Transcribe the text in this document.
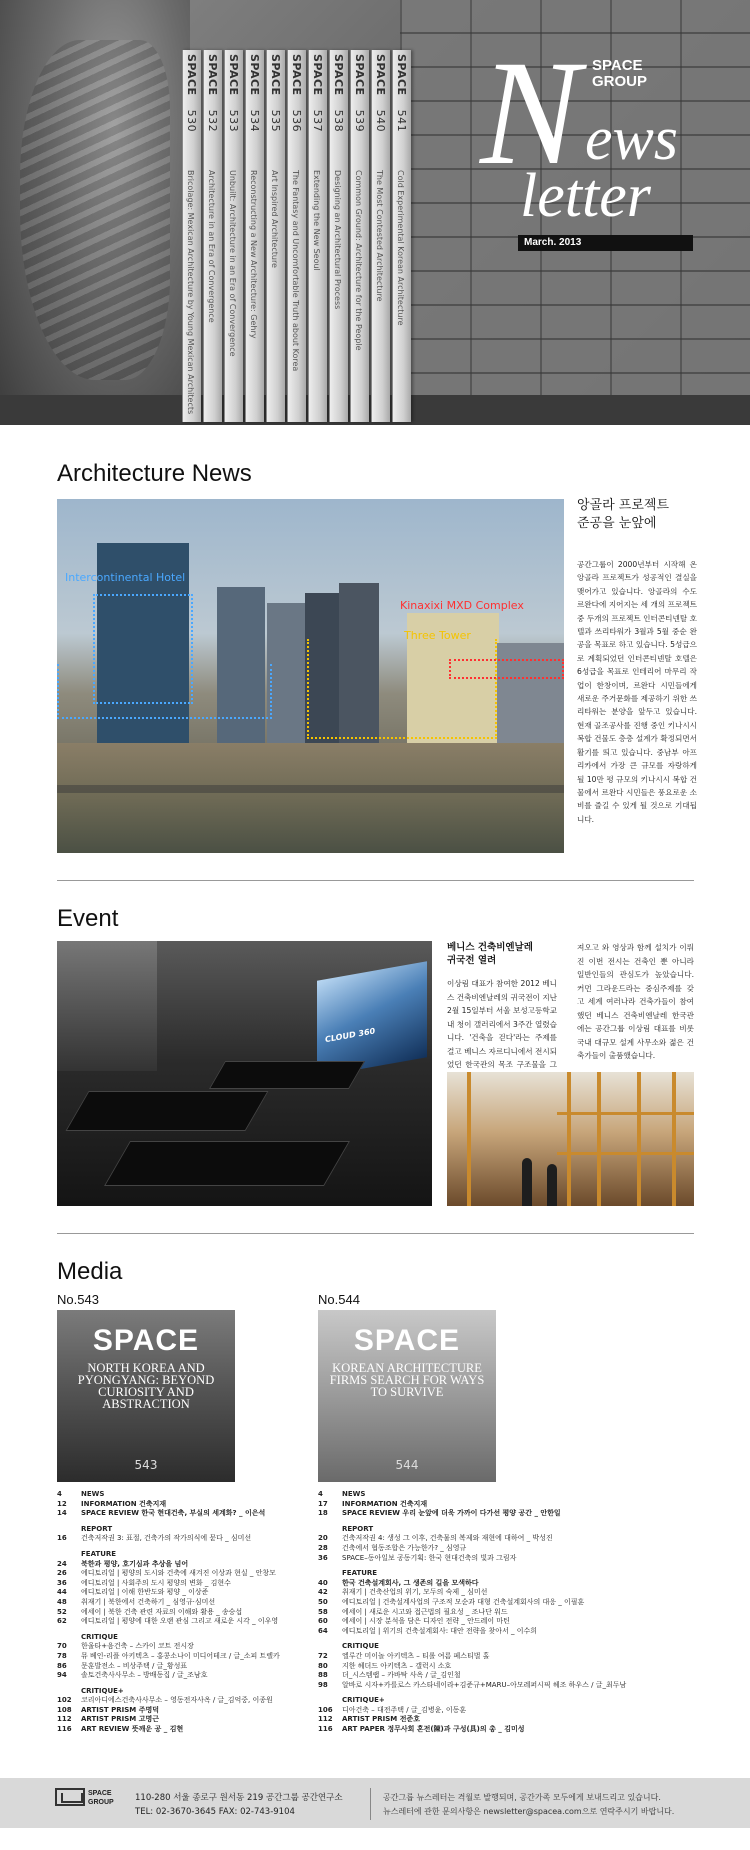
SPACE 530
Bricolage: Mexican Architecture by Young Mexican Architects
SPACE 532
Architecture in an Era of Convergence
SPACE 533
Unbuilt: Architecture in an Era of Convergence
SPACE 534
Reconstructing a New Architecture: Gehry
SPACE 535
Art Inspired Architecture
SPACE 536
The Fantasy and Uncomfortable Truth about Korea
SPACE 537
Extending the New Seoul
SPACE 538
Designing an Architectural Process
SPACE 539
Common Ground: Architecture for the People
SPACE 540
The Most Contested Architecture
SPACE 541
Cold Experimental Korean Architecture
SPACE
GROUP
N ews
letter
March. 2013
Architecture News
Intercontinental Hotel
Kinaxixi MXD Complex
Three Tower
앙골라 프로젝트
준공을 눈앞에
공간그룹이 2000년부터 시작해 온 앙골라 프로젝트가 성공적인 결실을 맺어가고 있습니다. 앙골라의 수도 르완다에 지어지는 세 개의 프로젝트 중 두개의 프로젝트 인터콘티넨탈 호텔과 쓰리타워가 3월과 5월 중순 완공을 목표로 하고 있습니다. 5성급으로 계획되었던 인터콘티넨탈 호텔은 6성급을 목표로 인테리어 마무리 작업이 한창이며, 르완다 시민들에게 새로운 주거문화를 제공하기 위한 쓰리타워는 분양을 앞두고 있습니다. 현재 골조공사를 진행 중인 키나시시 복합 건물도 층층 설계가 확정되면서 활기를 띄고 있습니다. 중남부 아프리카에서 가장 큰 규모를 자랑하게 될 10만 평 규모의 키나시시 복합 건물에서 르완다 시민들은 풍요로운 소비를 즐길 수 있게 될 것으로 기대됩니다.
Event
CLOUD 360
베니스 건축비엔날레
귀국전 열려
이상림 대표가 참여한 2012 베니스 건축비엔날레의 귀국전이 지난 2월 15일부터 서울 보성고등학교 내 청이 갤러리에서 3주간 열렸습니다. '건축을 걷다'라는 주제를 걸고 베니스 자르디니에서 전시되었던 한국관의 목조 구조물을 그
져오고 와 영상과 함께 설치가 이뤄진 이번 전시는 건축인 뿐 아니라 일반인들의 관심도가 높았습니다. 커먼 그라운드라는 중심주제를 갖고 세계 여러나라 건축가들이 참여했던 베니스 건축비엔날레 한국관에는 공간그룹 이상림 대표를 비롯 국내 대규모 설계 사무소와 젊은 건축가들이 출품했습니다.
Media
No.543	No.544
SPACE
NORTH KOREA AND PYONGYANG: BEYOND CURIOSITY AND ABSTRACTION
543
SPACE
KOREAN ARCHITECTURE FIRMS SEARCH FOR WAYS TO SURVIVE
544
4	NEWS
12	INFORMATION 건축지재
14	SPACE REVIEW 한국 현대건축, 부실의 세계화? _ 이은석
REPORT
16	건축저작권 3: 표절, 건축가의 작가의식에 묻다 _ 심미선
FEATURE
24	북한과 평양, 호기심과 추상을 넘어
26	에디토리얼 | 평양의 도시와 건축에 새겨진 이상과 현실 _ 안창모
36	에디토리얼 | 사회주의 도시 평양의 변화 _ 김현수
44	에디토리얼 | 이해 한반도와 평양 _ 이상준
48	취재기 | 북한에서 건축하기 _ 심영규·심미선
52	에세이 | 북한 건축 관련 자료의 이해와 활용 _ 송승섭
62	에디토리얼 | 평양에 대한 오랜 관심 그리고 새로운 시각 _ 이우영
CRITIQUE
70	한울타+음건축 – 스카이 코트 전시장
78	뮤 베인-리플 아키텍츠 – 홍콩소나이 미디어테크 / 글_소피 트렐카
86	문훈발전소 – 비상주택 / 글_황성표
94	솔토건축사사무소 – 방배동집 / 글_조남호
CRITIQUE+
102	코리아디에스건축사사무소 – 영동전자사옥 / 글_김억중, 이종원
108	ARTIST PRISM 주명덕
112	ARTIST PRISM 고명근
116	ART REVIEW 뜻깨운 공 _ 김현
4	NEWS
17	INFORMATION 건축지재
18	SPACE REVIEW 우리 눈앞에 더욱 가까이 다가선 평양 공간 _ 안한일
REPORT
20	건축저작권 4: 생성 그 이후, 건축물의 복제와 재현에 대하여 _ 박성진
28	건축에서 협동조합은 가능한가? _ 심영규
36	SPACE–동아일보 공동기획: 한국 현대건축의 빛과 그림자
FEATURE
40	한국 건축설계회사, 그 생존의 길을 모색하다
42	취재기 | 건축산업의 위기, 모두의 숙제 _ 심미선
50	에디토리얼 | 건축설계사업의 구조적 모순과 대형 건축설계회사의 대응 _ 이필훈
58	에세이 | 새로운 시고와 접근법의 필요성 _ 조나단 워드
60	에세이 | 시장 분석을 담은 디자인 전략 _ 안드레이 마틴
64	에디토리얼 | 위기의 건축설계회사: 대안 전략을 찾아서 _ 이수희
CRITIQUE
72	엘루간 미이놀 아키텍츠 – 티롤 여름 페스티벌 홀
80	지한 헤더드 아키텍츠 – 갤럭시 소호
88	더_시스템랩 – 카바탁 사옥 / 글_김인철
98	알바로 시자+카를로스 카스타네이라+김준규+MARU–아모레퍼시픽 헤조 하우스 / 글_최두남
CRITIQUE+
106	디아건축 – 대전주택 / 글_김병윤, 이동훈
112	ARTIST PRISM 전준호
116	ART PAPER 정무사회 혼전(陳)과 구성(具)의 총 _ 김미성
SPACE
GROUP	110-280 서울 종로구 원서동 219 공간그룹 공간연구소
TEL: 02-3670-3645 FAX: 02-743-9104
공간그룹 뉴스레터는 격월로 발행되며, 공간가족 모두에게 보내드리고 있습니다.
뉴스레터에 관한 문의사항은 newsletter@spacea.com으로 연락주시기 바랍니다.
